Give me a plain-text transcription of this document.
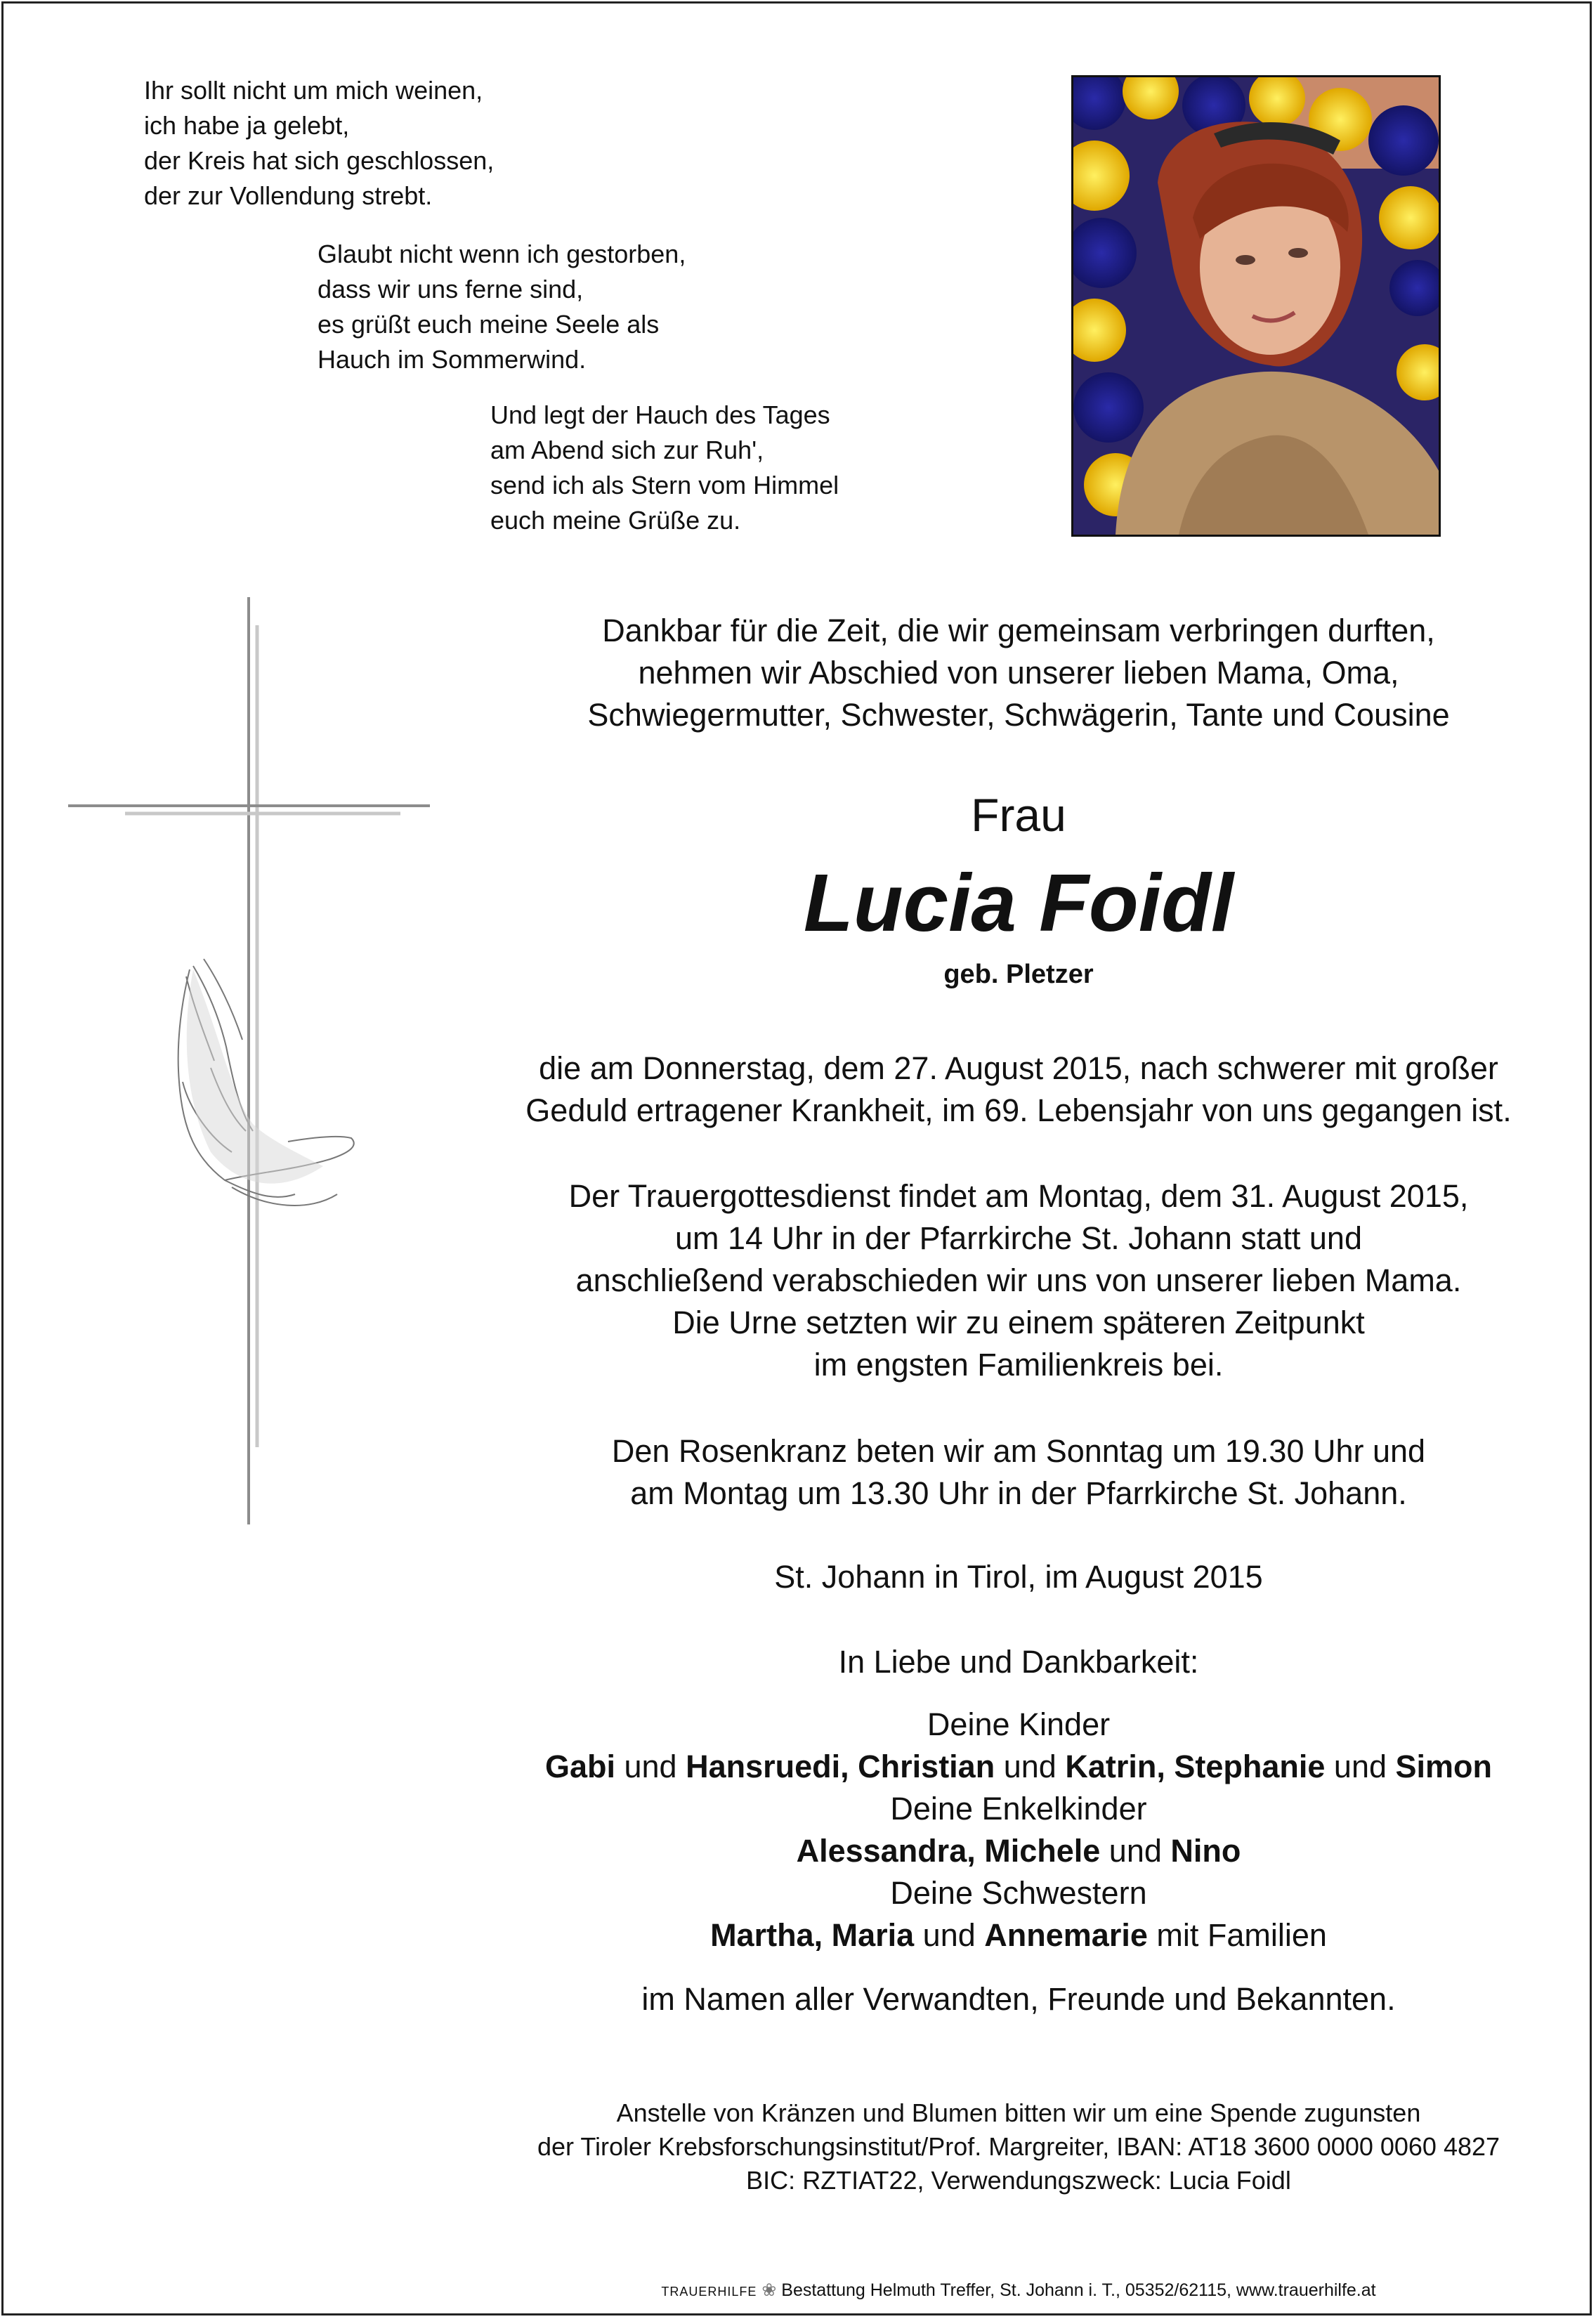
Ihr sollt nicht um mich weinen,
ich habe ja gelebt,
der Kreis hat sich geschlossen,
der zur Vollendung strebt.
Glaubt nicht wenn ich gestorben,
dass wir uns ferne sind,
es grüßt euch meine Seele als
Hauch im Sommerwind.
Und legt der Hauch des Tages
am Abend sich zur Ruh',
send ich als Stern vom Himmel
euch meine Grüße zu.
Dankbar für die Zeit, die wir gemeinsam verbringen durften,
nehmen wir Abschied von unserer lieben Mama, Oma,
Schwiegermutter, Schwester, Schwägerin, Tante und Cousine
Frau
Lucia Foidl
geb. Pletzer
die am Donnerstag, dem 27. August 2015, nach schwerer mit großer
Geduld ertragener Krankheit, im 69. Lebensjahr von uns gegangen ist.
Der Trauergottesdienst findet am Montag, dem 31. August 2015,
um 14 Uhr in der Pfarrkirche St. Johann statt und
anschließend verabschieden wir uns von unserer lieben Mama.
Die Urne setzten wir zu einem späteren Zeitpunkt
im engsten Familienkreis bei.
Den Rosenkranz beten wir am Sonntag um 19.30 Uhr und
am Montag um 13.30 Uhr in der Pfarrkirche St. Johann.
St. Johann in Tirol, im August 2015
In Liebe und Dankbarkeit:
Deine Kinder
Gabi und Hansruedi, Christian und Katrin, Stephanie und Simon
Deine Enkelkinder
Alessandra, Michele und Nino
Deine Schwestern
Martha, Maria und Annemarie mit Familien
im Namen aller Verwandten, Freunde und Bekannten.
Anstelle von Kränzen und Blumen bitten wir um eine Spende zugunsten
der Tiroler Krebsforschungsinstitut/Prof. Margreiter, IBAN: AT18 3600 0000 0060 4827
BIC: RZTIAT22, Verwendungszweck: Lucia Foidl
TRAUERHILFE ❀ Bestattung Helmuth Treffer, St. Johann i. T., 05352/62115, www.trauerhilfe.at
